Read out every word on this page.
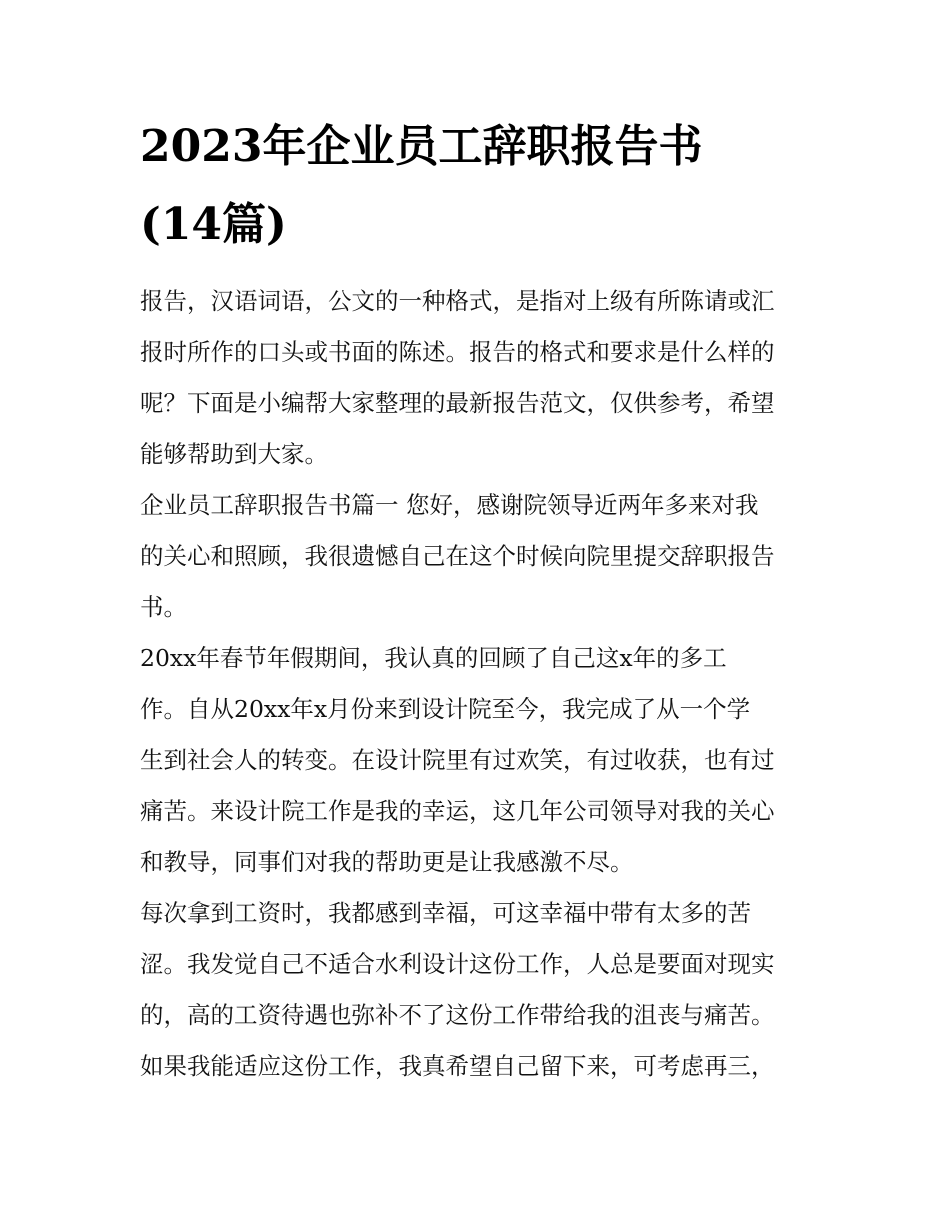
2023年企业员工辞职报告书
(14篇)
报告，汉语词语，公文的一种格式，是指对上级有所陈请或汇
报时所作的口头或书面的陈述。报告的格式和要求是什么样的
呢？下面是小编帮大家整理的最新报告范文，仅供参考，希望
能够帮助到大家。
企业员工辞职报告书篇一 您好，感谢院领导近两年多来对我
的关心和照顾，我很遗憾自己在这个时候向院里提交辞职报告
书。
20xx年春节年假期间，我认真的回顾了自己这x年的多工
作。自从20xx年x月份来到设计院至今，我完成了从一个学
生到社会人的转变。在设计院里有过欢笑，有过收获，也有过
痛苦。来设计院工作是我的幸运，这几年公司领导对我的关心
和教导，同事们对我的帮助更是让我感激不尽。
每次拿到工资时，我都感到幸福，可这幸福中带有太多的苦
涩。我发觉自己不适合水利设计这份工作，人总是要面对现实
的，高的工资待遇也弥补不了这份工作带给我的沮丧与痛苦。
如果我能适应这份工作，我真希望自己留下来，可考虑再三，
